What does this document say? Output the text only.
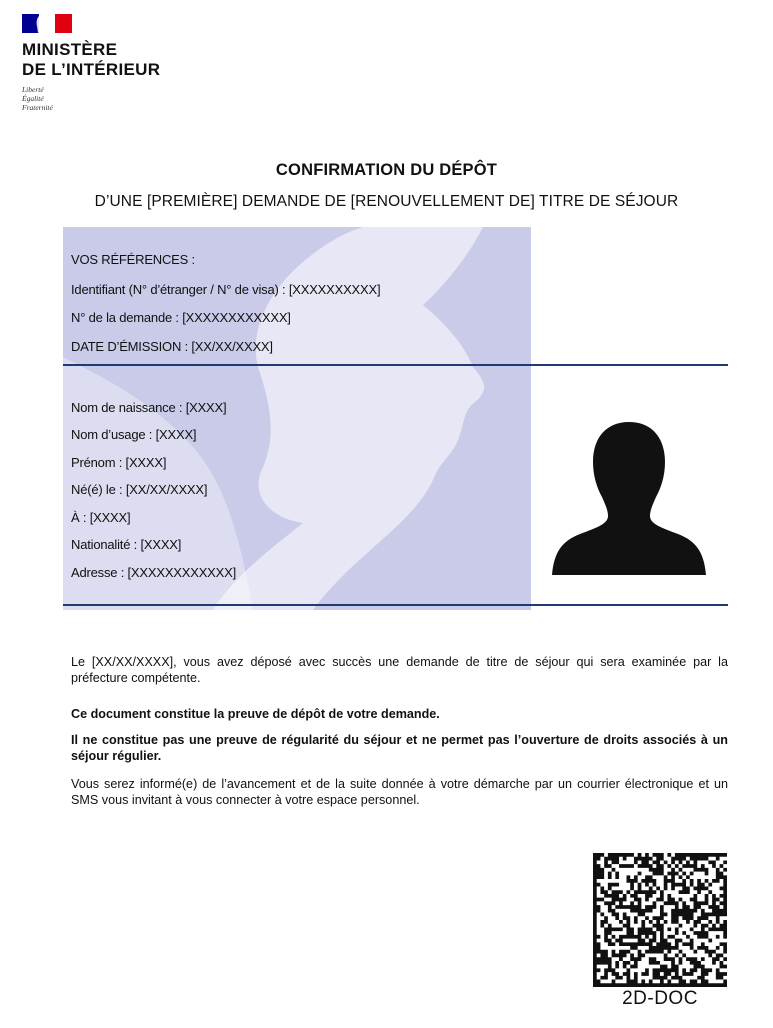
MINISTÈRE
DE L’INTÉRIEUR
Liberté
Égalité
Fraternité
CONFIRMATION DU DÉPÔT
D’UNE [PREMIÈRE] DEMANDE DE [RENOUVELLEMENT DE] TITRE DE SÉJOUR
VOS RÉFÉRENCES :
Identifiant (N° d’étranger / N° de visa) : [XXXXXXXXXX]
N° de la demande : [XXXXXXXXXXXX]
DATE D’ÉMISSION : [XX/XX/XXXX]
Nom de naissance : [XXXX]
Nom d’usage : [XXXX]
Prénom : [XXXX]
Né(é) le : [XX/XX/XXXX]
À : [XXXX]
Nationalité : [XXXX]
Adresse : [XXXXXXXXXXXX]
Le [XX/XX/XXXX], vous avez déposé avec succès une demande de titre de séjour qui sera examinée par la préfecture compétente.
Ce document constitue la preuve de dépôt de votre demande.
Il ne constitue pas une preuve de régularité du séjour et ne permet pas l’ouverture de droits associés à un séjour régulier.
Vous serez informé(e) de l’avancement et de la suite donnée à votre démarche par un courrier électronique et un SMS vous invitant à vous connecter à votre espace personnel.
2D-DOC
